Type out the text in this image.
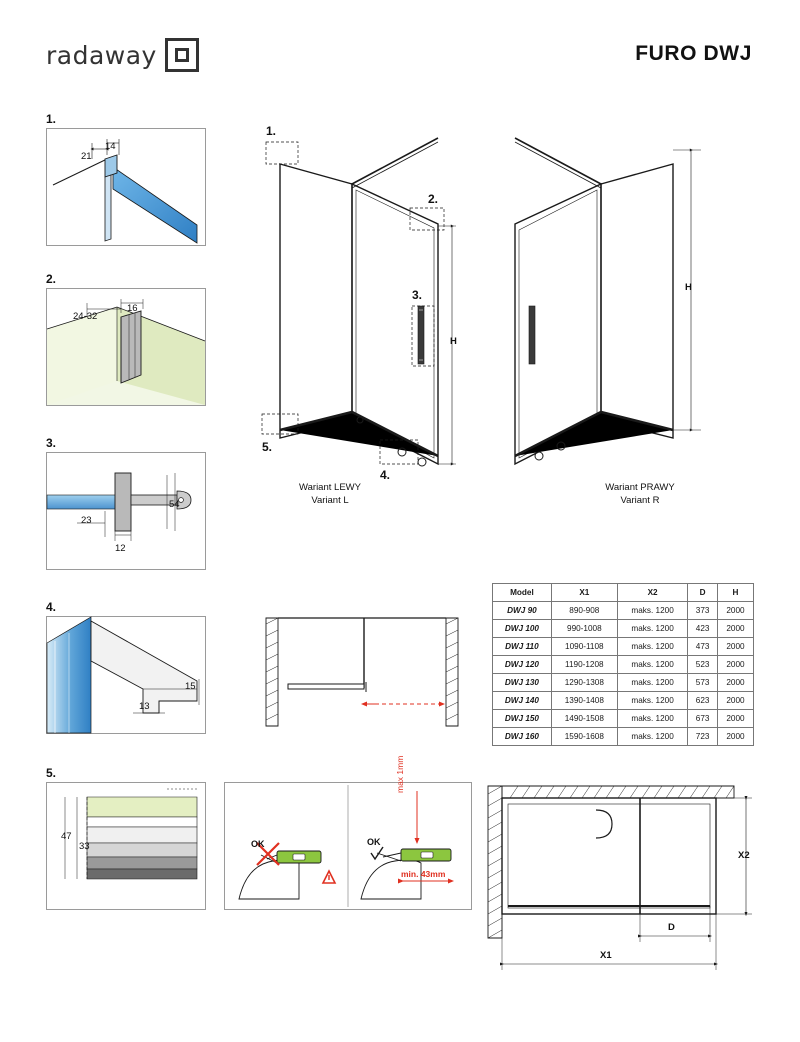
radaway	FURO DWJ
1.
21
14
2.
24-32
16
3.
23
54
12
4.
15
13
5.
47
33	OK	OK
max 1mm
min. 43mm
1.
2.
3.
4.
5.
H
Wariant LEWY
Variant L
H
Wariant PRAWY
Variant R
Model	X1	X2	D	H
DWJ 90	890-908	maks. 1200	373	2000
DWJ 100	990-1008	maks. 1200	423	2000
DWJ 110	1090-1108	maks. 1200	473	2000
DWJ 120	1190-1208	maks. 1200	523	2000
DWJ 130	1290-1308	maks. 1200	573	2000
DWJ 140	1390-1408	maks. 1200	623	2000
DWJ 150	1490-1508	maks. 1200	673	2000
DWJ 160	1590-1608	maks. 1200	723	2000
X2
D
X1
